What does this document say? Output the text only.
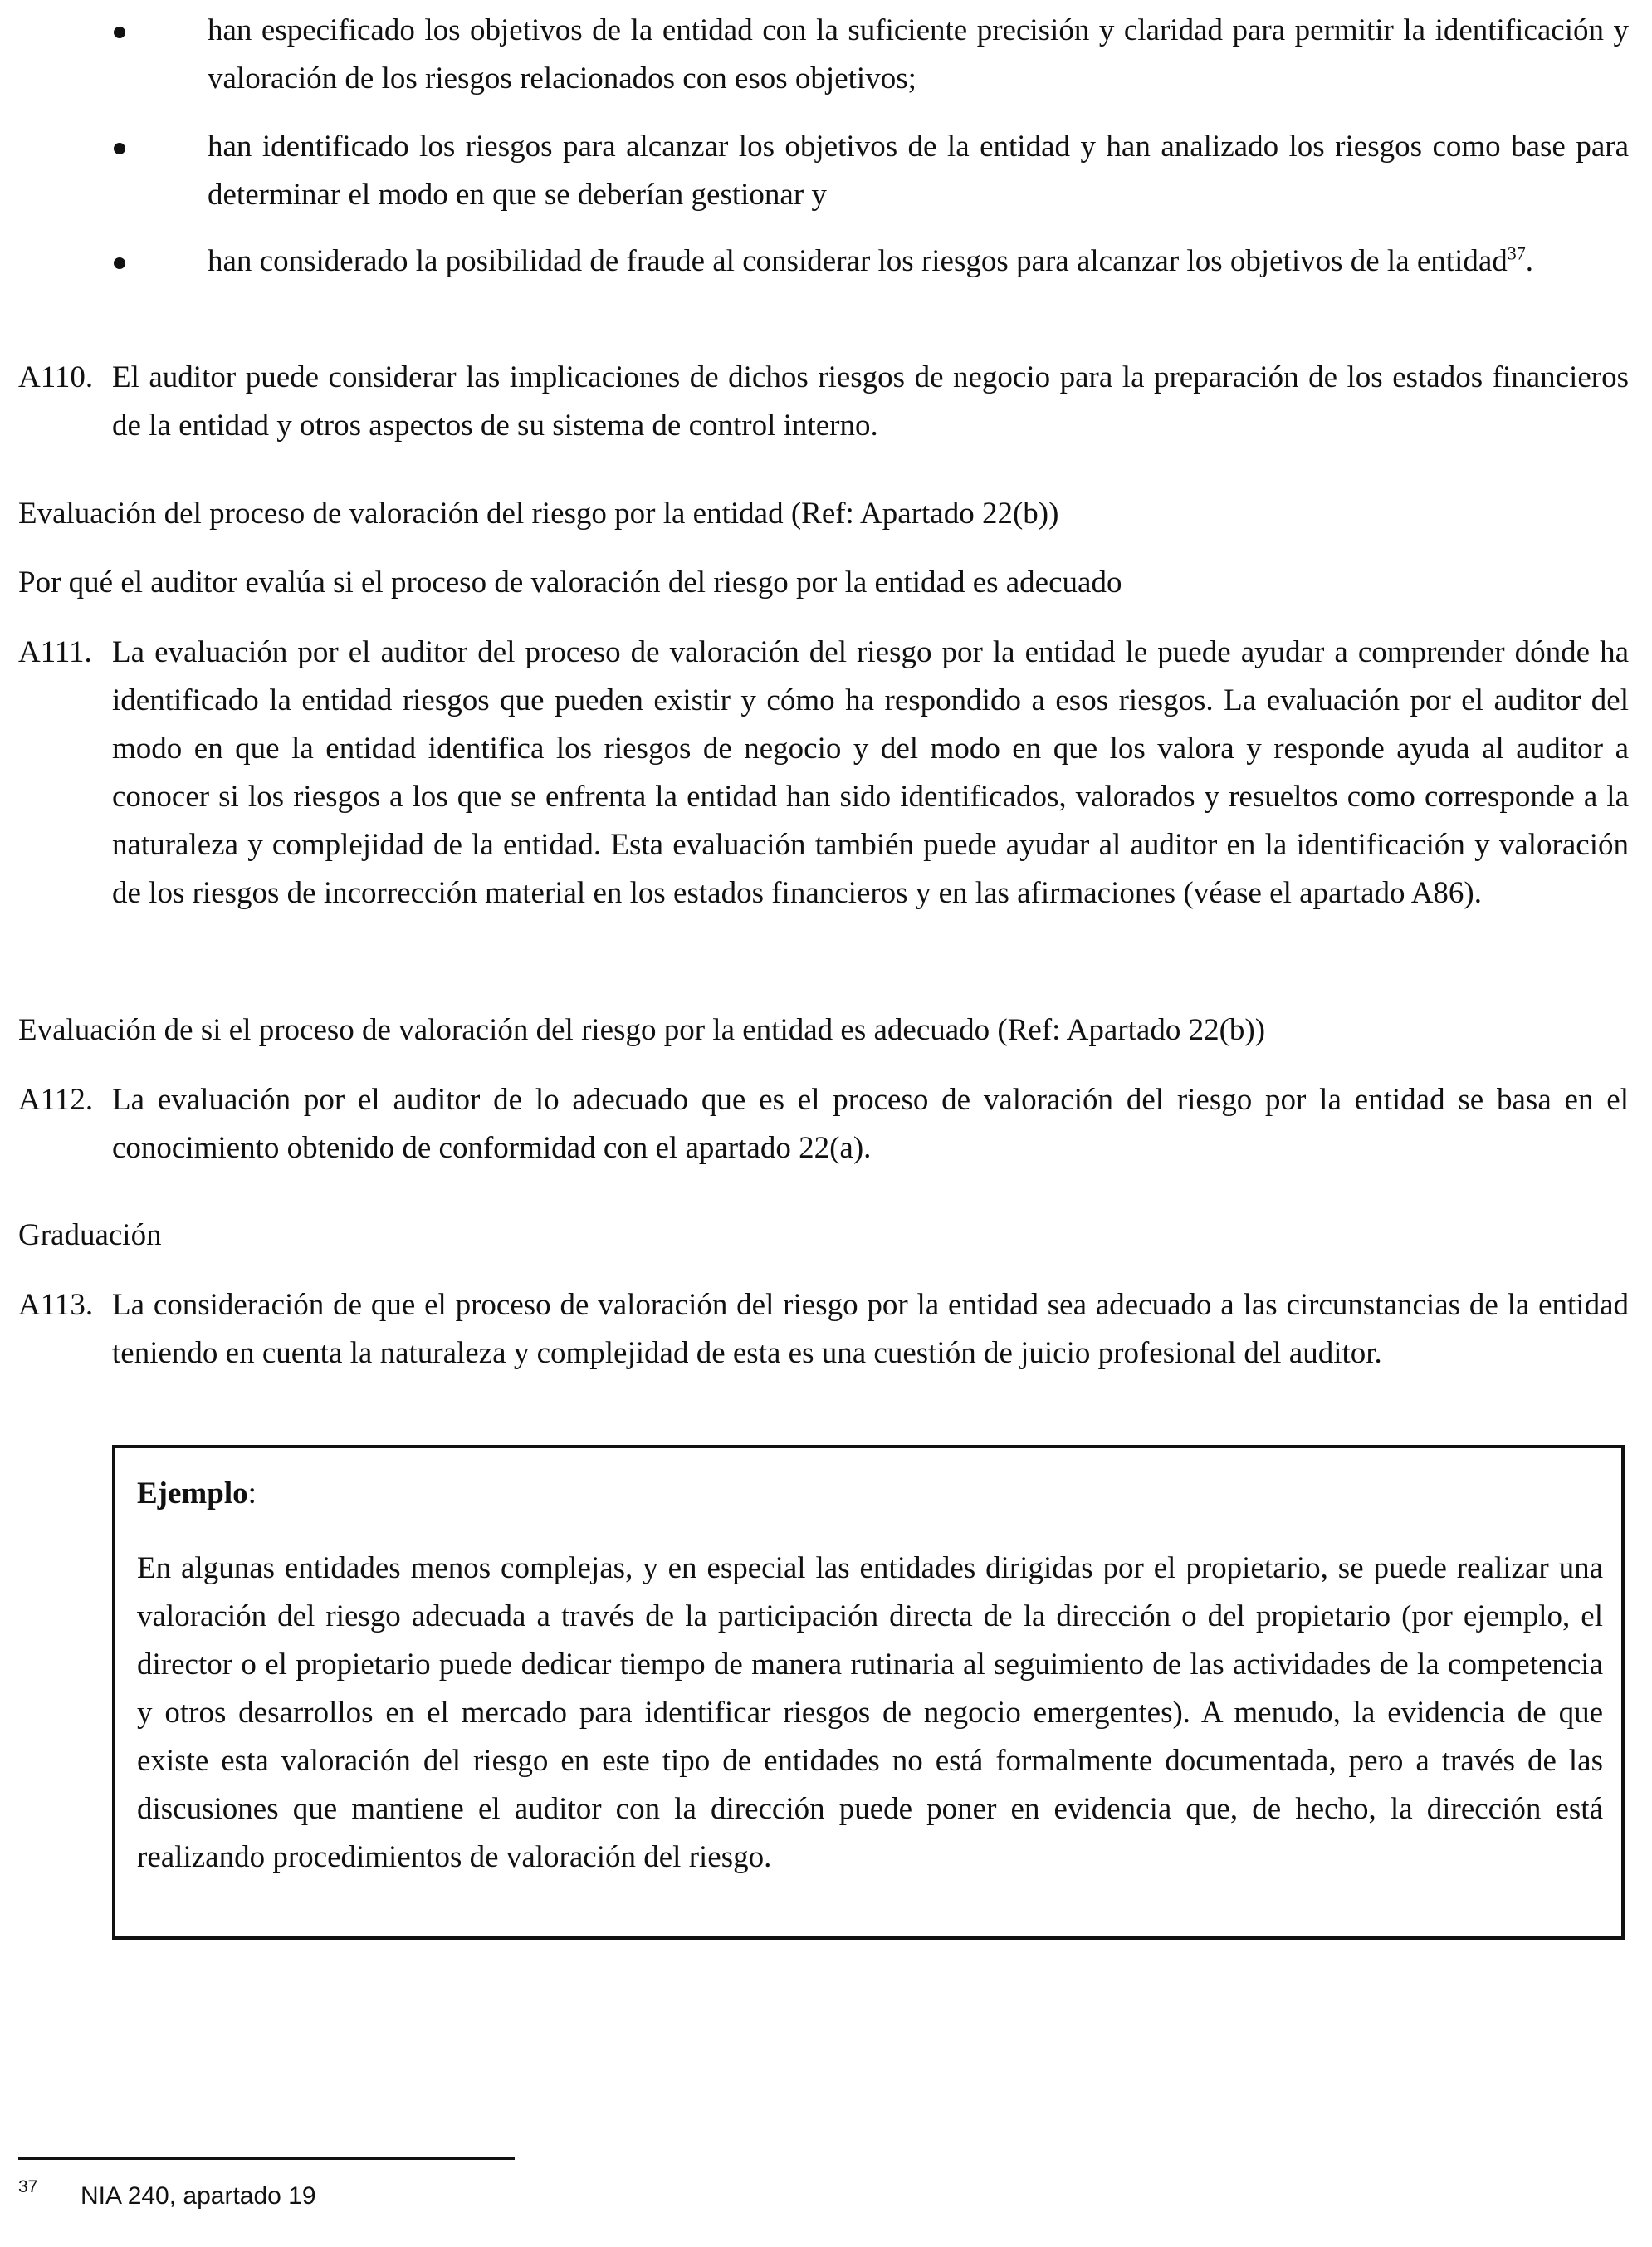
han especificado los objetivos de la entidad con la suficiente precisión y claridad para permitir la identificación y valoración de los riesgos relacionados con esos objetivos;

han identificado los riesgos para alcanzar los objetivos de la entidad y han analizado los riesgos como base para determinar el modo en que se deberían gestionar y

han considerado la posibilidad de fraude al considerar los riesgos para alcanzar los objetivos de la entidad$^{37}$.

A110. El auditor puede considerar las implicaciones de dichos riesgos de negocio para la preparación de los estados financieros de la entidad y otros aspectos de su sistema de control interno.

Evaluación del proceso de valoración del riesgo por la entidad (Ref: Apartado 22(b))

Por qué el auditor evalúa si el proceso de valoración del riesgo por la entidad es adecuado

A111. La evaluación por el auditor del proceso de valoración del riesgo por la entidad le puede ayudar a comprender dónde ha identificado la entidad riesgos que pueden existir y cómo ha respondido a esos riesgos. La evaluación por el auditor del modo en que la entidad identifica los riesgos de negocio y del modo en que los valora y responde ayuda al auditor a conocer si los riesgos a los que se enfrenta la entidad han sido identificados, valorados y resueltos como corresponde a la naturaleza y complejidad de la entidad. Esta evaluación también puede ayudar al auditor en la identificación y valoración de los riesgos de incorrección material en los estados financieros y en las afirmaciones (véase el apartado A86).

Evaluación de si el proceso de valoración del riesgo por la entidad es adecuado (Ref: Apartado 22(b))

A112. La evaluación por el auditor de lo adecuado que es el proceso de valoración del riesgo por la entidad se basa en el conocimiento obtenido de conformidad con el apartado 22(a).

Graduación

A113. La consideración de que el proceso de valoración del riesgo por la entidad sea adecuado a las circunstancias de la entidad teniendo en cuenta la naturaleza y complejidad de esta es una cuestión de juicio profesional del auditor.

Ejemplo:

En algunas entidades menos complejas, y en especial las entidades dirigidas por el propietario, se puede realizar una valoración del riesgo adecuada a través de la participación directa de la dirección o del propietario (por ejemplo, el director o el propietario puede dedicar tiempo de manera rutinaria al seguimiento de las actividades de la competencia y otros desarrollos en el mercado para identificar riesgos de negocio emergentes). A menudo, la evidencia de que existe esta valoración del riesgo en este tipo de entidades no está formalmente documentada, pero a través de las discusiones que mantiene el auditor con la dirección puede poner en evidencia que, de hecho, la dirección está realizando procedimientos de valoración del riesgo.

37 NIA 240, apartado 19
